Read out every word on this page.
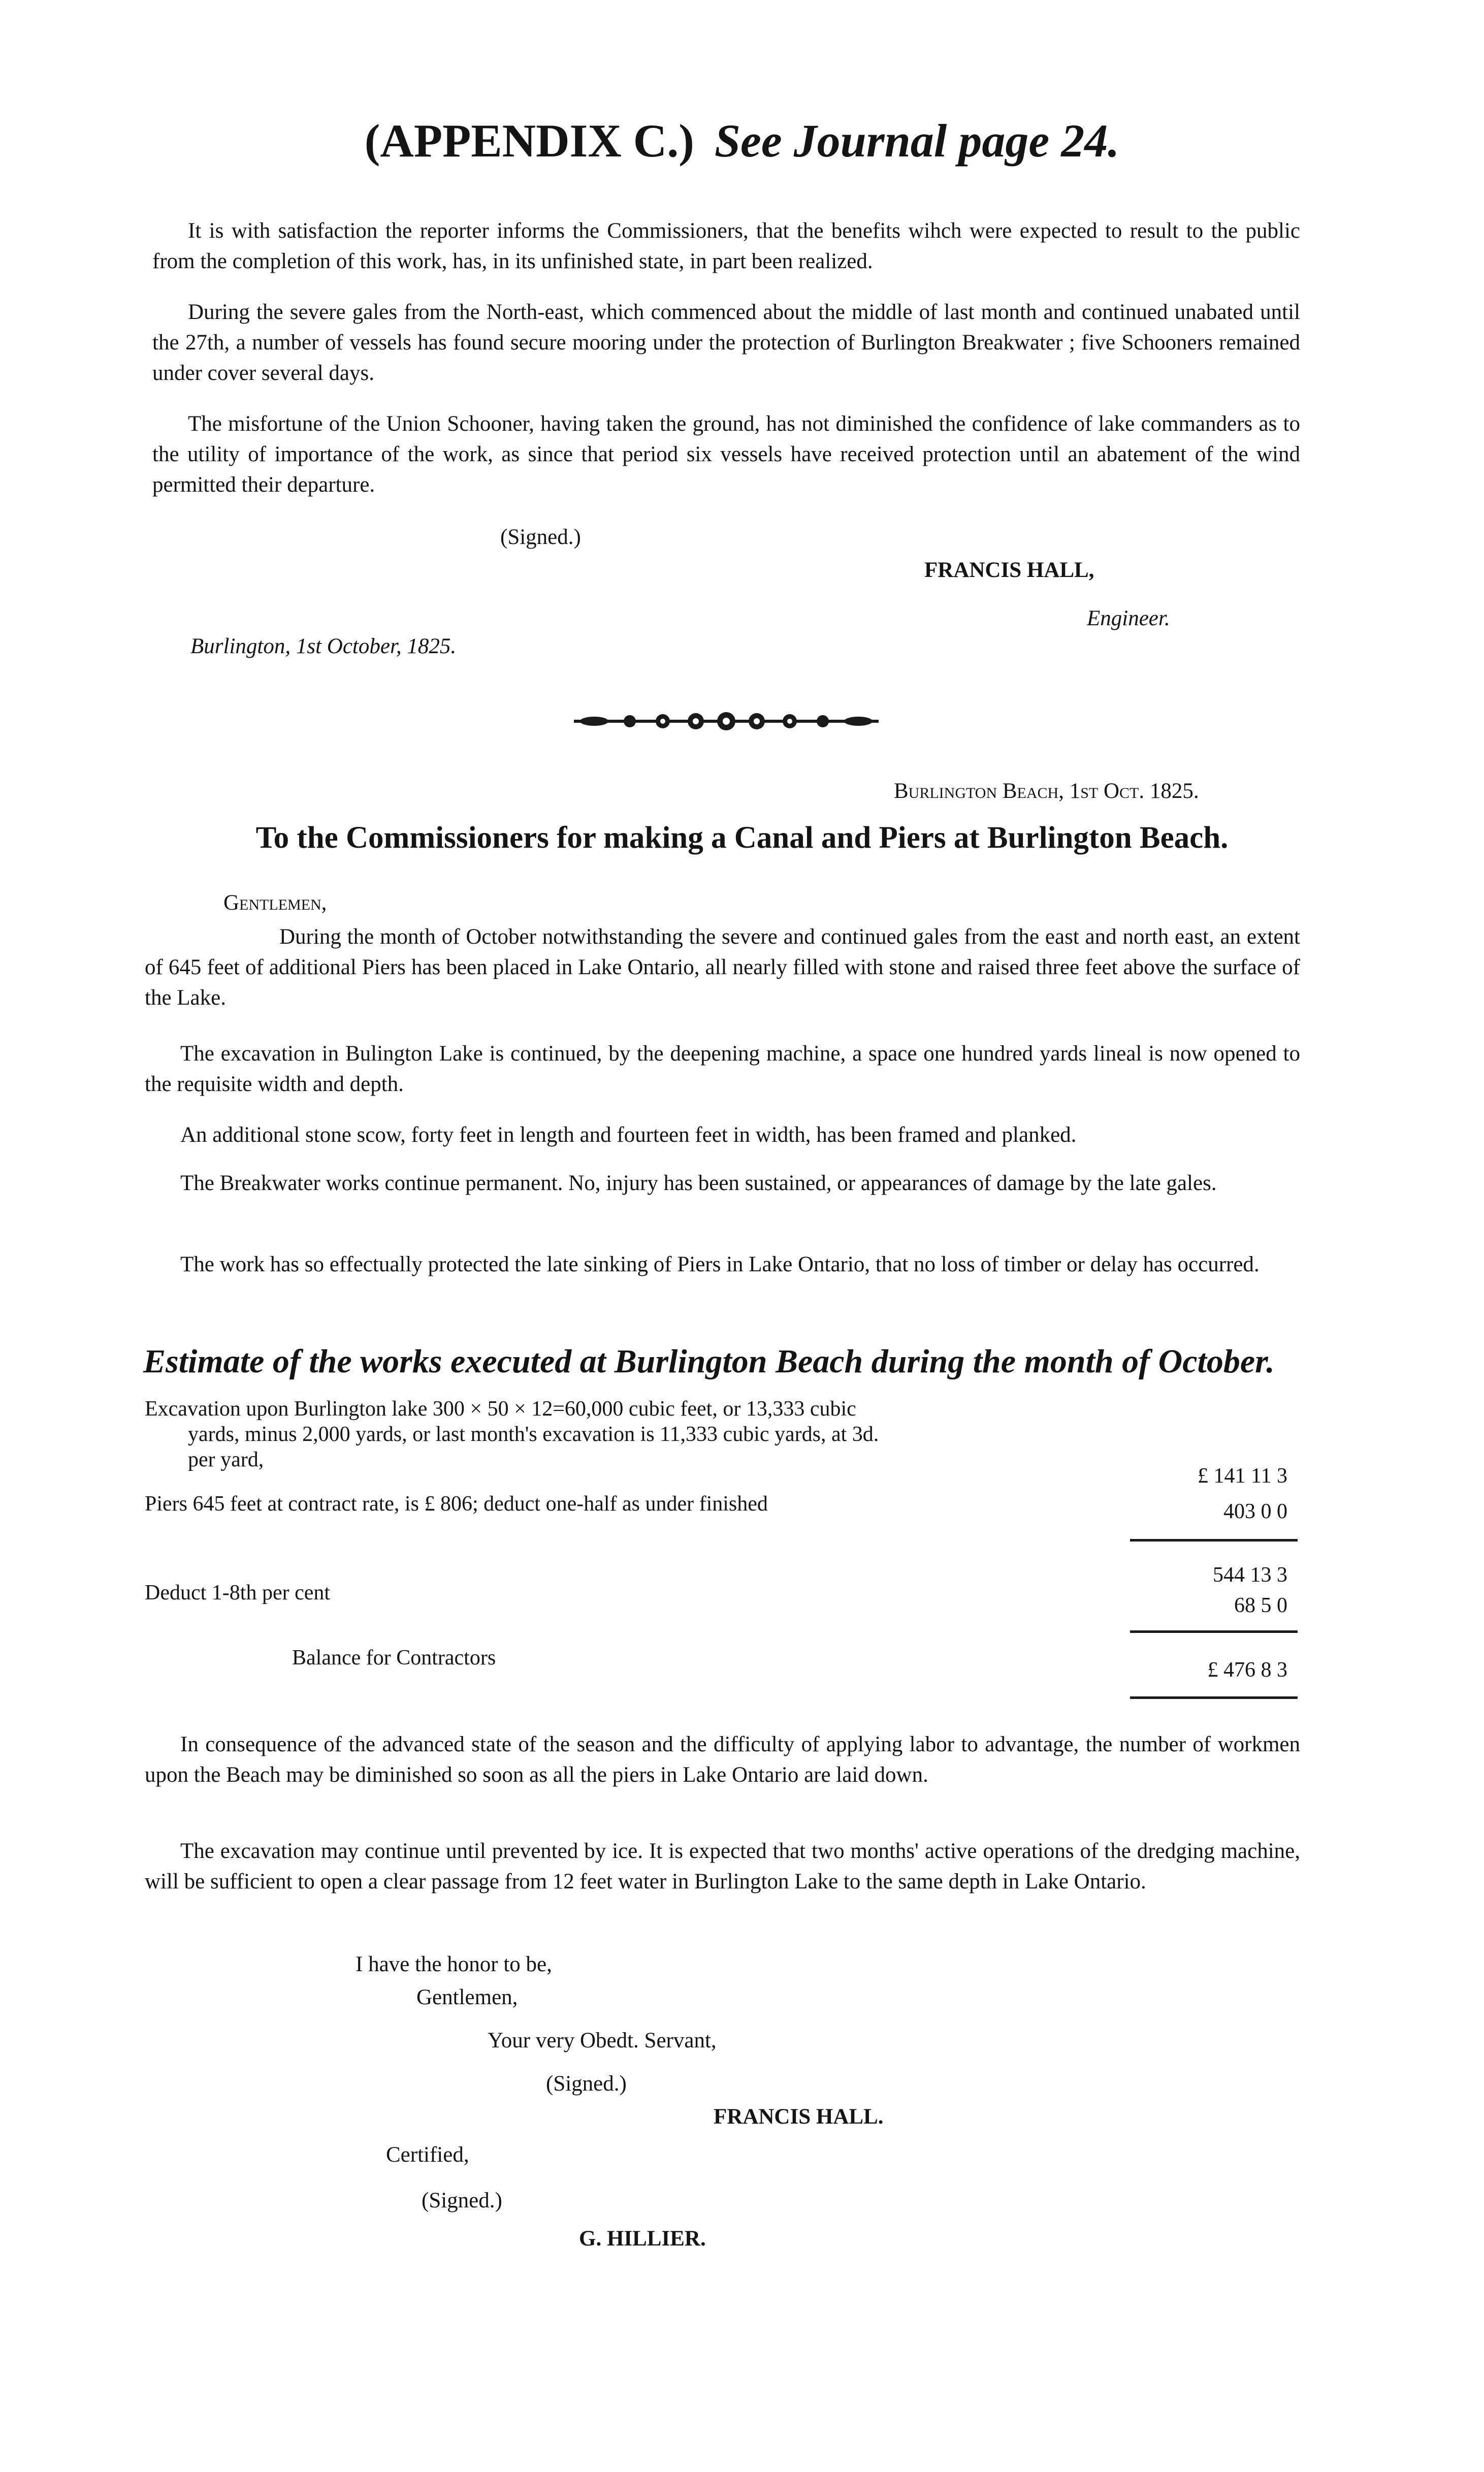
(APPENDIX C.) See Journal page 24.
It is with satisfaction the reporter informs the Commissioners, that the benefits wihch were expected to result to the public from the completion of this work, has, in its unfinished state, in part been realized.
During the severe gales from the North-east, which commenced about the middle of last month and continued unabated until the 27th, a number of vessels has found secure mooring under the protection of Burlington Breakwater ; five Schooners remained under cover several days.
The misfortune of the Union Schooner, having taken the ground, has not diminished the confidence of lake commanders as to the utility of importance of the work, as since that period six vessels have received protection until an abatement of the wind permitted their departure.
(Signed.)
FRANCIS HALL,
Engineer.
Burlington, 1st October, 1825.
Burlington Beach, 1st Oct. 1825.
To the Commissioners for making a Canal and Piers at Burlington Beach.
Gentlemen,
During the month of October notwithstanding the severe and continued gales from the east and north east, an extent of 645 feet of additional Piers has been placed in Lake Ontario, all nearly filled with stone and raised three feet above the surface of the Lake.
The excavation in Bulington Lake is continued, by the deepening machine, a space one hundred yards lineal is now opened to the requisite width and depth.
An additional stone scow, forty feet in length and fourteen feet in width, has been framed and planked.
The Breakwater works continue permanent. No, injury has been sustained, or appearances of damage by the late gales.
The work has so effectually protected the late sinking of Piers in Lake Ontario, that no loss of timber or delay has occurred.
Estimate of the works executed at Burlington Beach during the month of October.
Excavation upon Burlington lake 300 × 50 × 12=60,000 cubic feet, or 13,333 cubic
yards, minus 2,000 yards, or last month's excavation is 11,333 cubic yards, at 3d.
per yard,
£ 141 11 3
Piers 645 feet at contract rate, is £ 806; deduct one-half as under finished	403 0 0
544 13 3
Deduct 1-8th per cent
68 5 0
Balance for Contractors
£ 476 8 3
In consequence of the advanced state of the season and the difficulty of applying labor to advantage, the number of workmen upon the Beach may be diminished so soon as all the piers in Lake Ontario are laid down.
The excavation may continue until prevented by ice. It is expected that two months' active operations of the dredging machine, will be sufficient to open a clear passage from 12 feet water in Burlington Lake to the same depth in Lake Ontario.
I have the honor to be,
Gentlemen,
Your very Obedt. Servant,
(Signed.)
FRANCIS HALL.
Certified,
(Signed.)
G. HILLIER.
